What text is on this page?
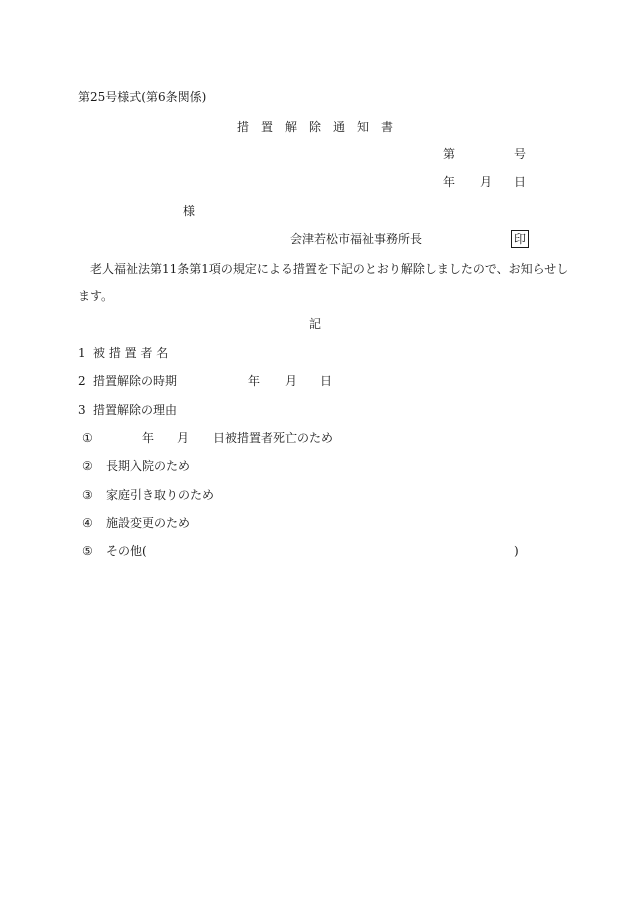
第25号様式(第6条関係)
措　置　解　除　通　知　書
第	号
年 月 日
様
会津若松市福祉事務所長	印
老人福祉法第11条第1項の規定による措置を下記のとおり解除しましたので、お知らせし
ます。
記
1 被 措 置 者 名
2 措置解除の時期	年 月 日
3 措置解除の理由
①	年 月 日被措置者死亡のため
② 長期入院のため
③ 家庭引き取りのため
④ 施設変更のため
⑤ その他(	)
